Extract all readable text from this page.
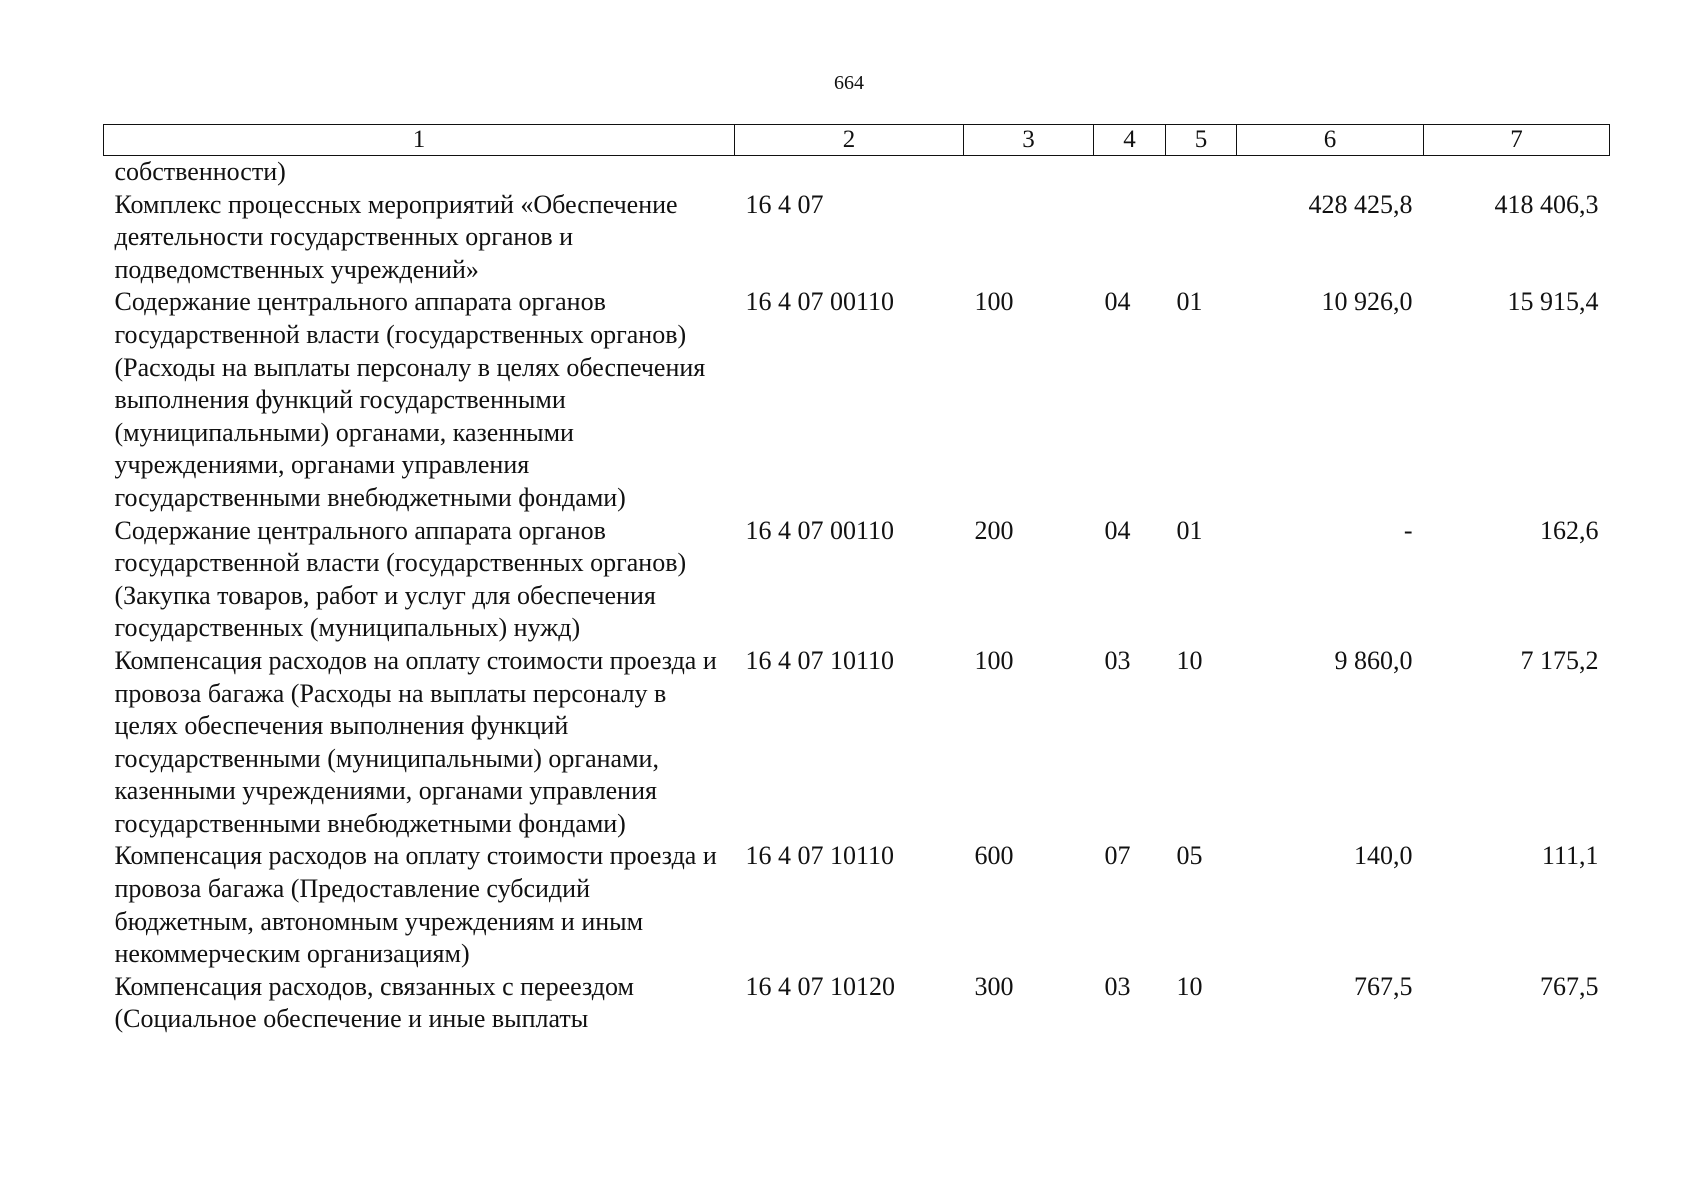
664
1	2	3	4	5	6	7
собственности)						
Комплекс процессных мероприятий «Обеспечение деятельности государственных органов и подведомственных учреждений»	16 4 07				428 425,8	418 406,3
Содержание центрального аппарата органов государственной власти (государственных органов) (Расходы на выплаты персоналу в целях обеспечения выполнения функций государственными (муниципальными) органами, казенными учреждениями, органами управления государственными внебюджетными фондами)	16 4 07 00110	100	04	01	10 926,0	15 915,4
Содержание центрального аппарата органов государственной власти (государственных органов) (Закупка товаров, работ и услуг для обеспечения государственных (муниципальных) нужд)	16 4 07 00110	200	04	01	-	162,6
Компенсация расходов на оплату стоимости проезда и провоза багажа (Расходы на выплаты персоналу в целях обеспечения выполнения функций государственными (муниципальными) органами, казенными учреждениями, органами управления государственными внебюджетными фондами)	16 4 07 10110	100	03	10	9 860,0	7 175,2
Компенсация расходов на оплату стоимости проезда и провоза багажа (Предоставление субсидий бюджетным, автономным учреждениям и иным некоммерческим организациям)	16 4 07 10110	600	07	05	140,0	111,1
Компенсация расходов, связанных с переездом (Социальное обеспечение и иные выплаты	16 4 07 10120	300	03	10	767,5	767,5
